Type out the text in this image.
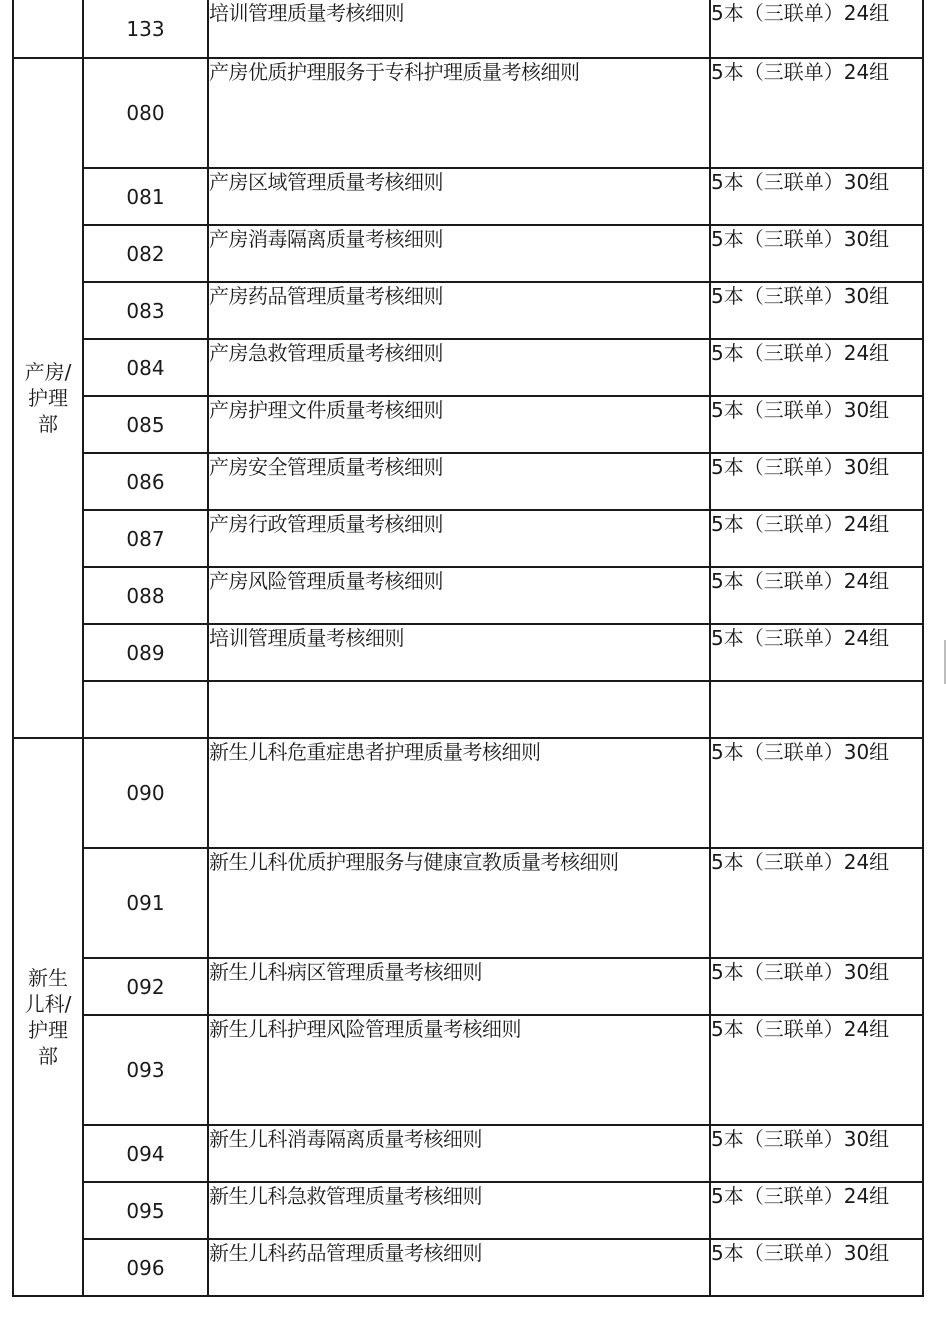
	133	培训管理质量考核细则	5本（三联单）24组

产房/
护理
部	080	产房优质护理服务于专科护理质量考核细则	5本（三联单）24组
	081	产房区域管理质量考核细则	5本（三联单）30组
	082	产房消毒隔离质量考核细则	5本（三联单）30组
	083	产房药品管理质量考核细则	5本（三联单）30组
	084	产房急救管理质量考核细则	5本（三联单）24组
	085	产房护理文件质量考核细则	5本（三联单）30组
	086	产房安全管理质量考核细则	5本（三联单）30组
	087	产房行政管理质量考核细则	5本（三联单）24组
	088	产房风险管理质量考核细则	5本（三联单）24组
	089	培训管理质量考核细则	5本（三联单）24组

新生
儿科/
护理
部	090	新生儿科危重症患者护理质量考核细则	5本（三联单）30组
	091	新生儿科优质护理服务与健康宣教质量考核细则	5本（三联单）24组
	092	新生儿科病区管理质量考核细则	5本（三联单）30组
	093	新生儿科护理风险管理质量考核细则	5本（三联单）24组
	094	新生儿科消毒隔离质量考核细则	5本（三联单）30组
	095	新生儿科急救管理质量考核细则	5本（三联单）24组
	096	新生儿科药品管理质量考核细则	5本（三联单）30组
